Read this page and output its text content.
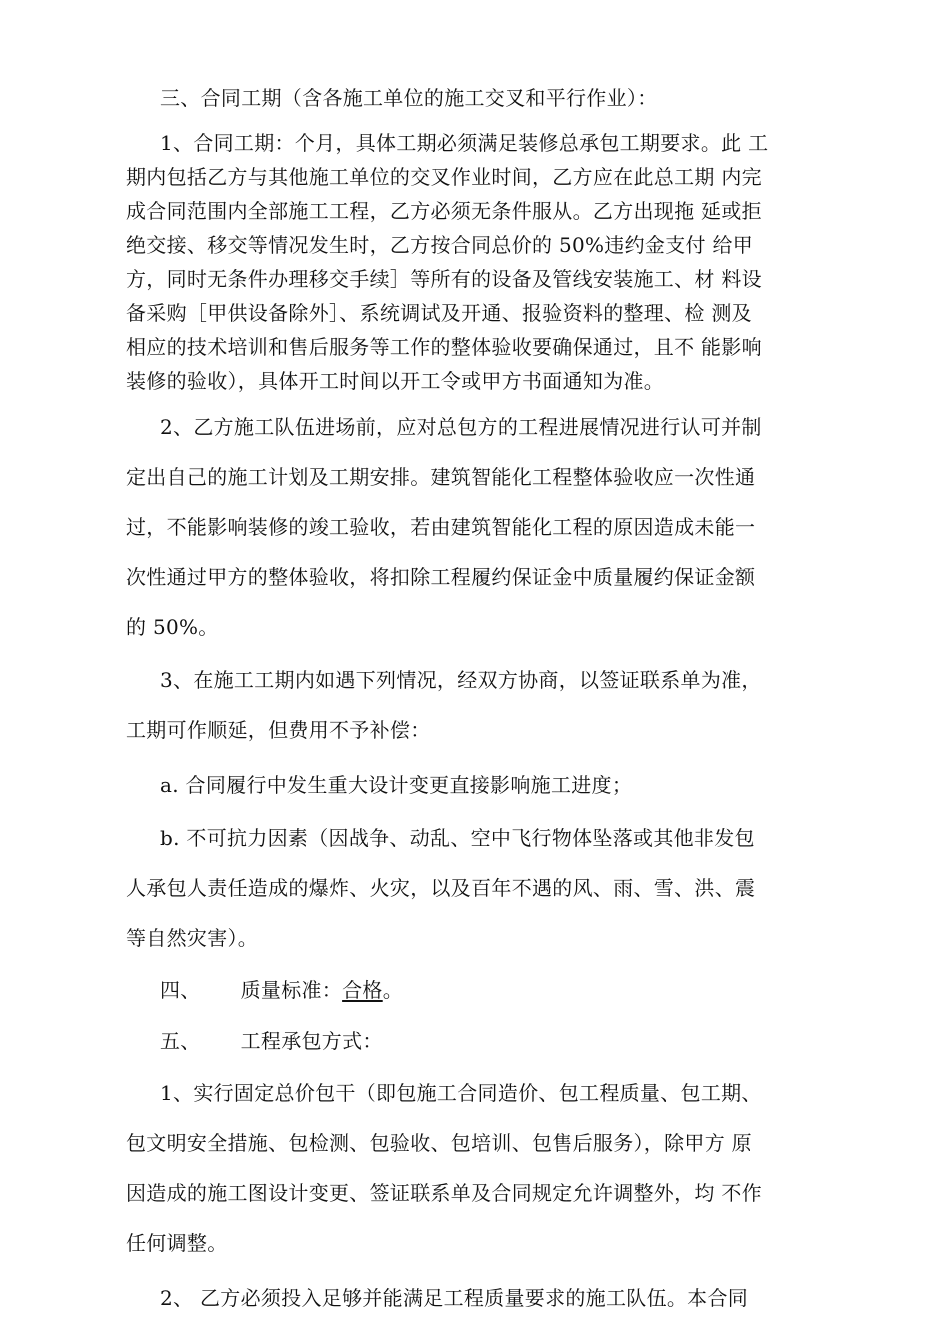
三、合同工期（含各施工单位的施工交叉和平行作业）：
1、合同工期：个月，具体工期必须满足装修总承包工期要求。此 工
期内包括乙方与其他施工单位的交叉作业时间，乙方应在此总工期 内完
成合同范围内全部施工工程，乙方必须无条件服从。乙方出现拖 延或拒
绝交接、移交等情况发生时，乙方按合同总价的 50%违约金支付 给甲
方，同时无条件办理移交手续］等所有的设备及管线安装施工、材 料设
备采购［甲供设备除外］、系统调试及开通、报验资料的整理、检 测及
相应的技术培训和售后服务等工作的整体验收要确保通过，且不 能影响
装修的验收），具体开工时间以开工令或甲方书面通知为准。
2、乙方施工队伍进场前，应对总包方的工程进展情况进行认可并制
定出自己的施工计划及工期安排。建筑智能化工程整体验收应一次性通
过，不能影响装修的竣工验收，若由建筑智能化工程的原因造成未能一
次性通过甲方的整体验收，将扣除工程履约保证金中质量履约保证金额
的 50%。
3、在施工工期内如遇下列情况，经双方协商，以签证联系单为准，
工期可作顺延，但费用不予补偿：
a. 合同履行中发生重大设计变更直接影响施工进度；
b. 不可抗力因素（因战争、动乱、空中飞行物体坠落或其他非发包
人承包人责任造成的爆炸、火灾，以及百年不遇的风、雨、雪、洪、震
等自然灾害）。
四、 质量标准：合格。
五、 工程承包方式：
1、实行固定总价包干（即包施工合同造价、包工程质量、包工期、
包文明安全措施、包检测、包验收、包培训、包售后服务），除甲方 原
因造成的施工图设计变更、签证联系单及合同规定允许调整外，均 不作
任何调整。
2、 乙方必须投入足够并能满足工程质量要求的施工队伍。本合同
